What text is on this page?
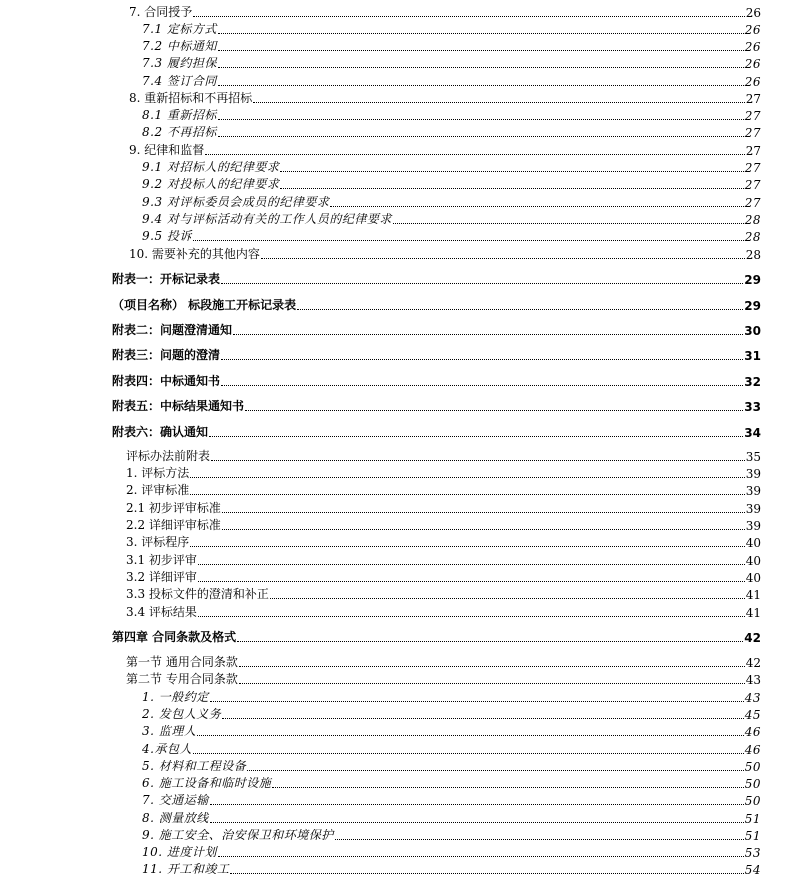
7. 合同授予	26
7.1 定标方式	26
7.2 中标通知	26
7.3 履约担保	26
7.4 签订合同	26
8. 重新招标和不再招标	27
8.1 重新招标	27
8.2 不再招标	27
9. 纪律和监督	27
9.1 对招标人的纪律要求	27
9.2 对投标人的纪律要求	27
9.3 对评标委员会成员的纪律要求	27
9.4 对与评标活动有关的工作人员的纪律要求	28
9.5 投诉	28
10. 需要补充的其他内容	28
附表一：开标记录表	29
（项目名称） 标段施工开标记录表	29
附表二：问题澄清通知	30
附表三：问题的澄清	31
附表四：中标通知书	32
附表五：中标结果通知书	33
附表六：确认通知	34
评标办法前附表	35
1. 评标方法	39
2. 评审标准	39
2.1 初步评审标准	39
2.2 详细评审标准	39
3. 评标程序	40
3.1 初步评审	40
3.2 详细评审	40
3.3 投标文件的澄清和补正	41
3.4 评标结果	41
第四章 合同条款及格式	42
第一节 通用合同条款	42
第二节 专用合同条款	43
1. 一般约定	43
2. 发包人义务	45
3. 监理人	46
4.承包人	46
5. 材料和工程设备	50
6. 施工设备和临时设施	50
7. 交通运输	50
8. 测量放线	51
9. 施工安全、治安保卫和环境保护	51
10. 进度计划	53
11. 开工和竣工	54
